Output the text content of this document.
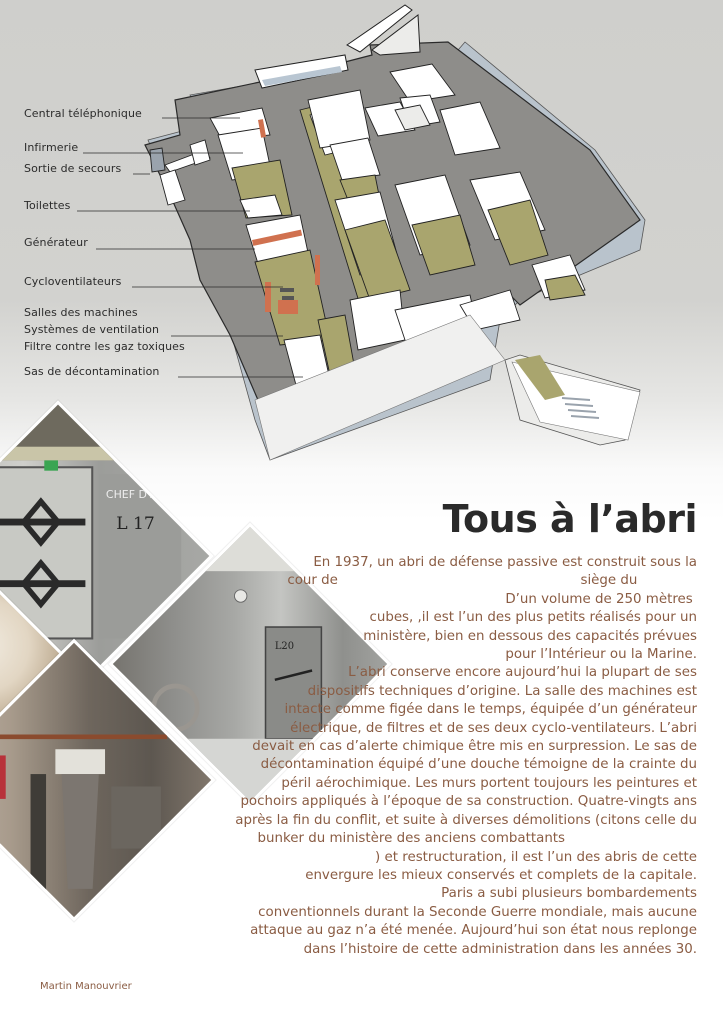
Central téléphonique
Infirmerie
Sortie de secours
Toilettes
Générateur
Cycloventilateurs
Salles des machines
Systèmes de ventilation
Filtre contre les gaz toxiques
Sas de décontamination
CHEF D'ABRI
L 17
L20
Tous à l’abri
En 1937, un abri de défense passive est construit sous la
cour de                                                         siège du
D’un volume de 250 mètres
cubes, ,il est l’un des plus petits réalisés pour un
ministère, bien en dessous des capacités prévues
pour l’Intérieur ou la Marine.
L’abri conserve encore aujourd’hui la plupart de ses
dispositifs techniques d’origine. La salle des machines est
intacte comme figée dans le temps, équipée d’un générateur
électrique, de filtres et de ses deux cyclo-ventilateurs. L’abri
devait en cas d’alerte chimique être mis en surpression. Le sas de
décontamination équipé d’une douche témoigne de la crainte du
péril aérochimique. Les murs portent toujours les peintures et
pochoirs appliqués à l’époque de sa construction. Quatre-vingts ans
après la fin du conflit, et suite à diverses démolitions (citons celle du
bunker du ministère des anciens combattants
) et restructuration, il est l’un des abris de cette
envergure les mieux conservés et complets de la capitale.
Paris a subi plusieurs bombardements
conventionnels durant la Seconde Guerre mondiale, mais aucune
attaque au gaz n’a été menée. Aujourd’hui son état nous replonge
dans l’histoire de cette administration dans les années 30.
Martin Manouvrier
